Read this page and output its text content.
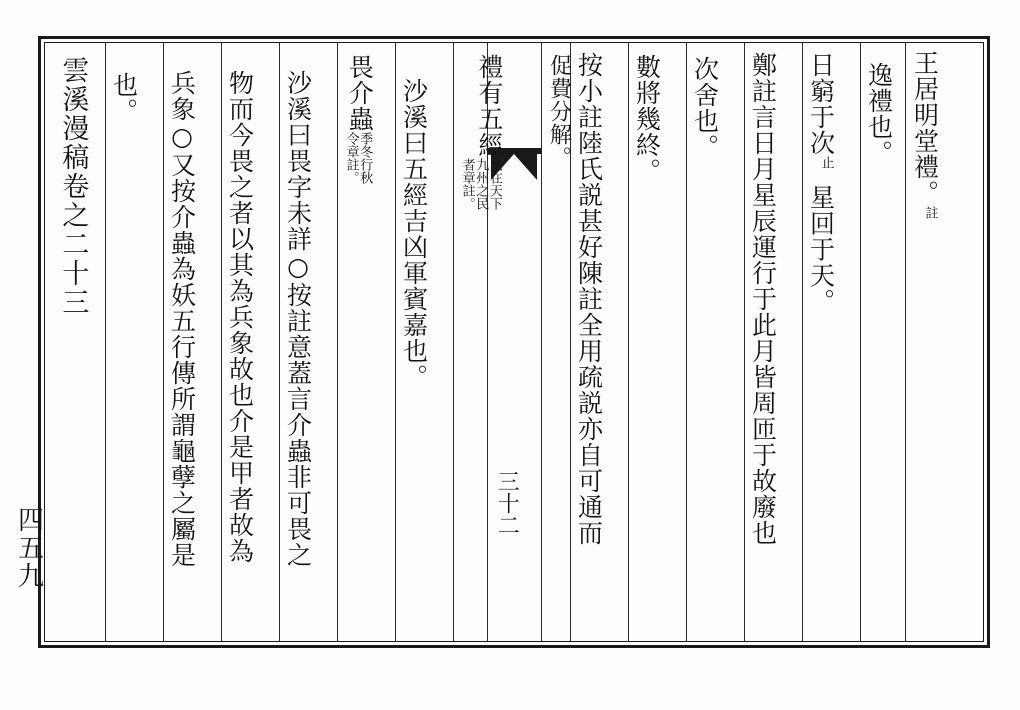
王居明堂禮。註
逸禮也。
日窮于次止星回于天。
鄭註言日月星辰運行于此月皆周匝于故廢也
次舍也。
數將幾終。
按小註陸氏説甚好陳註全用疏説亦自可通而
促費分解。
三十二
禮有五經凡在天下九州之民者章註。
沙溪曰五經吉凶軍賓嘉也。
畏介蟲季冬行秋令章註。
沙溪曰畏字未詳○按註意蓋言介蟲非可畏之
物而今畏之者以其為兵象故也介是甲者故為
兵象○又按介蟲為妖五行傳所謂龜孽之屬是
也。
雲溪漫稿卷之二十三
四五九
